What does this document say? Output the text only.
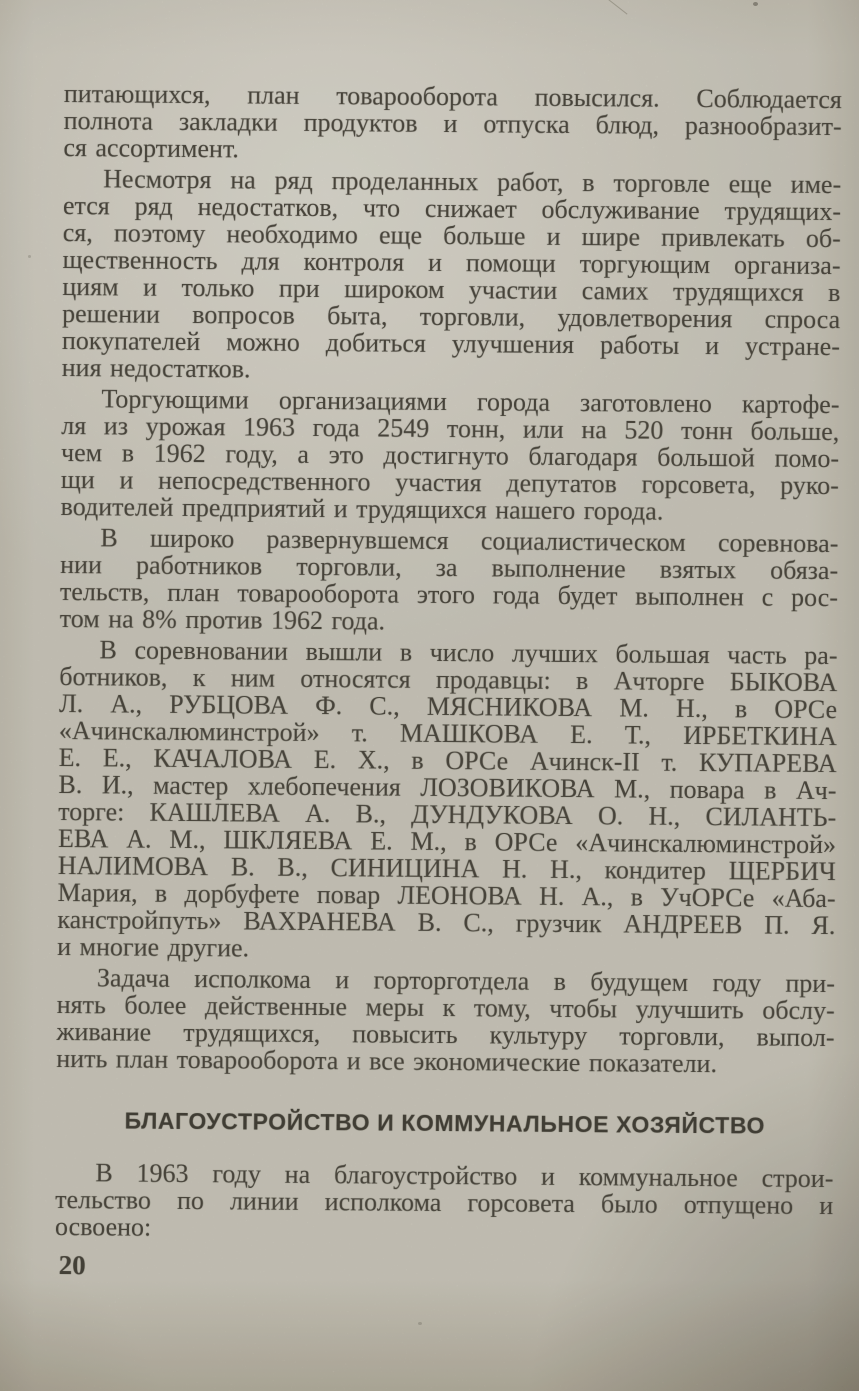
питающихся, план товарооборота повысился. Соблюдается
полнота закладки продуктов и отпуска блюд, разнообразит-
ся ассортимент.
Несмотря на ряд проделанных работ, в торговле еще име-
ется ряд недостатков, что снижает обслуживание трудящих-
ся, поэтому необходимо еще больше и шире привлекать об-
щественность для контроля и помощи торгующим организа-
циям и только при широком участии самих трудящихся в
решении вопросов быта, торговли, удовлетворения спроса
покупателей можно добиться улучшения работы и устране-
ния недостатков.
Торгующими организациями города заготовлено картофе-
ля из урожая 1963 года 2549 тонн, или на 520 тонн больше,
чем в 1962 году, а это достигнуто благодаря большой помо-
щи и непосредственного участия депутатов горсовета, руко-
водителей предприятий и трудящихся нашего города.
В широко развернувшемся социалистическом соревнова-
нии работников торговли, за выполнение взятых обяза-
тельств, план товарооборота этого года будет выполнен с рос-
том на 8% против 1962 года.
В соревновании вышли в число лучших большая часть ра-
ботников, к ним относятся продавцы: в Ачторге БЫКОВА
Л. А., РУБЦОВА Ф. С., МЯСНИКОВА М. Н., в ОРСе
«Ачинскалюминстрой» т. МАШКОВА Е. Т., ИРБЕТКИНА
Е. Е., КАЧАЛОВА Е. Х., в ОРСе Ачинск-II т. КУПАРЕВА
В. И., мастер хлебопечения ЛОЗОВИКОВА М., повара в Ач-
торге: КАШЛЕВА А. В., ДУНДУКОВА О. Н., СИЛАНТЬ-
ЕВА А. М., ШКЛЯЕВА Е. М., в ОРСе «Ачинскалюминстрой»
НАЛИМОВА В. В., СИНИЦИНА Н. Н., кондитер ЩЕРБИЧ
Мария, в дорбуфете повар ЛЕОНОВА Н. А., в УчОРСе «Аба-
канстройпуть» ВАХРАНЕВА В. С., грузчик АНДРЕЕВ П. Я.
и многие другие.
Задача исполкома и горторготдела в будущем году при-
нять более действенные меры к тому, чтобы улучшить обслу-
живание трудящихся, повысить культуру торговли, выпол-
нить план товарооборота и все экономические показатели.
БЛАГОУСТРОЙСТВО И КОММУНАЛЬНОЕ ХОЗЯЙСТВО
В 1963 году на благоустройство и коммунальное строи-
тельство по линии исполкома горсовета было отпущено и
освоено:
20
